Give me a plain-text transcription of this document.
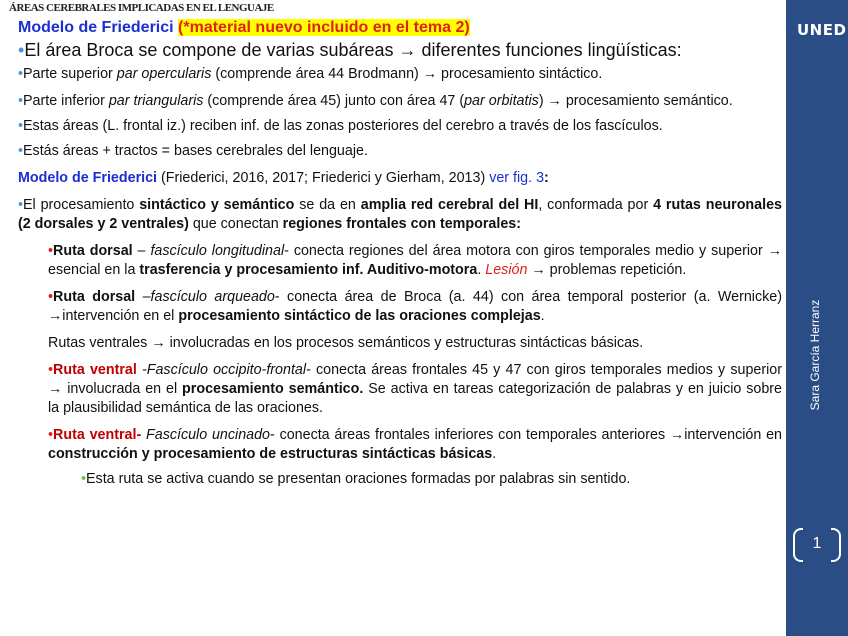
UNED
Sara García Herranz
1
ÁREAS CEREBRALES IMPLICADAS EN EL LENGUAJE

Modelo de Friederici (*material nuevo incluido en el tema 2)

•El área Broca se compone de varias subáreas → diferentes funciones lingüísticas:

•Parte superior par opercularis (comprende área 44 Brodmann) → procesamiento sintáctico.

•Parte inferior par triangularis (comprende área 45) junto con área 47 (par orbitatis) → procesamiento semántico.

•Estas áreas (L. frontal iz.) reciben inf. de las zonas posteriores del cerebro a través de los fascículos.

•Estás áreas + tractos = bases cerebrales del lenguaje.

Modelo de Friederici (Friederici, 2016, 2017; Friederici y Gierham, 2013) ver fig. 3:

•El procesamiento sintáctico y semántico se da en amplia red cerebral del HI, conformada por 4 rutas neuronales (2 dorsales y 2 ventrales) que conectan regiones frontales con temporales:

•Ruta dorsal – fascículo longitudinal- conecta regiones del área motora con giros temporales medio y superior → esencial en la trasferencia y procesamiento inf. Auditivo-motora. Lesión → problemas repetición.

•Ruta dorsal –fascículo arqueado- conecta área de Broca (a. 44) con área temporal posterior (a. Wernicke) →intervención en el procesamiento sintáctico de las oraciones complejas.

Rutas ventrales → involucradas en los procesos semánticos y estructuras sintácticas básicas.

•Ruta ventral -Fascículo occipito-frontal- conecta áreas frontales 45 y 47 con giros temporales medios y superior → involucrada en el procesamiento semántico. Se activa en tareas categorización de palabras y en juicio sobre la plausibilidad semántica de las oraciones.

•Ruta ventral- Fascículo uncinado- conecta áreas frontales inferiores con temporales anteriores →intervención en construcción y procesamiento de estructuras sintácticas básicas.

•Esta ruta se activa cuando se presentan oraciones formadas por palabras sin sentido.
